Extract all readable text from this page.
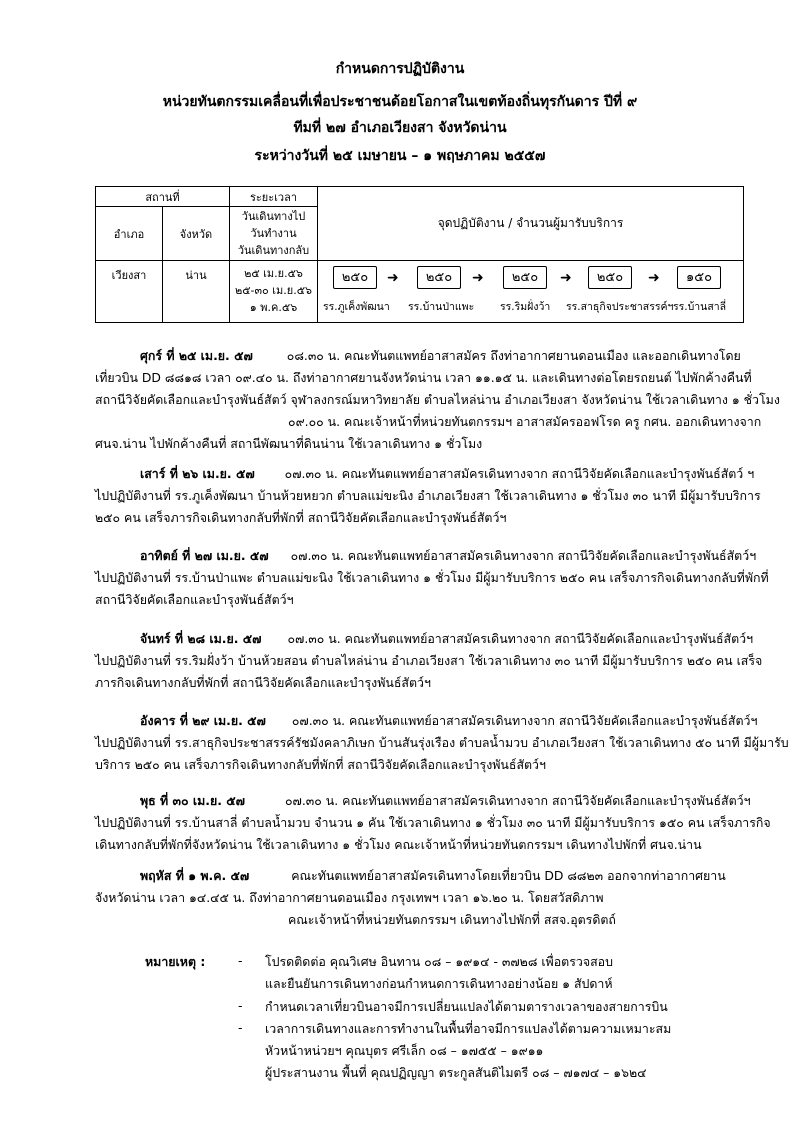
กำหนดการปฏิบัติงาน
หน่วยทันตกรรมเคลื่อนที่เพื่อประชาชนด้อยโอกาสในเขตท้องถิ่นทุรกันดาร ปีที่ ๙
ทีมที่ ๒๗ อำเภอเวียงสา จังหวัดน่าน
ระหว่างวันที่ ๒๕ เมษายน – ๑ พฤษภาคม ๒๕๕๗
สถานที่		ระยะเวลา	จุดปฏิบัติงาน / จำนวนผู้มารับบริการ
อำเภอ	จังหวัด	วันเดินทางไป
วันทำงาน
วันเดินทางกลับ	

เวียงสา	น่าน	๒๕ เม.ย.๕๖
๒๕-๓๐ เม.ย.๕๖
๑ พ.ค.๕๖	

๒๕๐	➜	๒๕๐	➜	๒๕๐	➜	๒๕๐	➜	๑๕๐
รร.ภูเค็งพัฒนา รร.บ้านป่าแพะ รร.ริมฝั่งว้า รร.สาธุกิจประชาสรรค์ฯ รร.บ้านสาลี่
ศุกร์ ที่ ๒๕ เม.ย. ๕๗	๐๘.๓๐ น. คณะทันตแพทย์อาสาสมัคร ถึงท่าอากาศยานดอนเมือง และออกเดินทางโดย
เที่ยวบิน DD ๘๘๑๘ เวลา ๐๙.๔๐ น. ถึงท่าอากาศยานจังหวัดน่าน เวลา ๑๑.๑๕ น. และเดินทางต่อโดยรถยนต์ ไปพักค้างคืนที่
สถานีวิจัยคัดเลือกและบำรุงพันธ์สัตว์ จุฬาลงกรณ์มหาวิทยาลัย ตำบลไหล่น่าน อำเภอเวียงสา จังหวัดน่าน ใช้เวลาเดินทาง ๑ ชั่วโมง
๐๙.๐๐ น. คณะเจ้าหน้าที่หน่วยทันตกรรมฯ อาสาสมัครออฟโรด ครู กศน. ออกเดินทางจาก
ศนจ.น่าน ไปพักค้างคืนที่ สถานีพัฒนาที่ดินน่าน ใช้เวลาเดินทาง ๑ ชั่วโมง
เสาร์ ที่ ๒๖ เม.ย. ๕๗ ๐๗.๓๐ น. คณะทันตแพทย์อาสาสมัครเดินทางจาก สถานีวิจัยคัดเลือกและบำรุงพันธ์สัตว์ ฯ
ไปปฏิบัติงานที่ รร.ภูเค็งพัฒนา บ้านห้วยหยวก ตำบลแม่ขะนิง อำเภอเวียงสา ใช้เวลาเดินทาง ๑ ชั่วโมง ๓๐ นาที มีผู้มารับบริการ
๒๕๐ คน เสร็จภารกิจเดินทางกลับที่พักที่ สถานีวิจัยคัดเลือกและบำรุงพันธ์สัตว์ฯ
อาทิตย์ ที่ ๒๗ เม.ย. ๕๗ ๐๗.๓๐ น. คณะทันตแพทย์อาสาสมัครเดินทางจาก สถานีวิจัยคัดเลือกและบำรุงพันธ์สัตว์ฯ
ไปปฏิบัติงานที่ รร.บ้านป่าแพะ ตำบลแม่ขะนิง ใช้เวลาเดินทาง ๑ ชั่วโมง มีผู้มารับบริการ ๒๕๐ คน เสร็จภารกิจเดินทางกลับที่พักที่
สถานีวิจัยคัดเลือกและบำรุงพันธ์สัตว์ฯ
จันทร์ ที่ ๒๘ เม.ย. ๕๗ ๐๗.๓๐ น. คณะทันตแพทย์อาสาสมัครเดินทางจาก สถานีวิจัยคัดเลือกและบำรุงพันธ์สัตว์ฯ
ไปปฏิบัติงานที่ รร.ริมฝั่งว้า บ้านห้วยสอน ตำบลไหล่น่าน อำเภอเวียงสา ใช้เวลาเดินทาง ๓๐ นาที มีผู้มารับบริการ ๒๕๐ คน เสร็จ
ภารกิจเดินทางกลับที่พักที่ สถานีวิจัยคัดเลือกและบำรุงพันธ์สัตว์ฯ
อังคาร ที่ ๒๙ เม.ย. ๕๗ ๐๗.๓๐ น. คณะทันตแพทย์อาสาสมัครเดินทางจาก สถานีวิจัยคัดเลือกและบำรุงพันธ์สัตว์ฯ
ไปปฏิบัติงานที่ รร.สาธุกิจประชาสรรค์รัชมังคลาภิเษก บ้านสันรุ่งเรือง ตำบลน้ำมวบ อำเภอเวียงสา ใช้เวลาเดินทาง ๕๐ นาที มีผู้มารับ
บริการ ๒๕๐ คน เสร็จภารกิจเดินทางกลับที่พักที่ สถานีวิจัยคัดเลือกและบำรุงพันธ์สัตว์ฯ
พุธ ที่ ๓๐ เม.ย. ๕๗	๐๗.๓๐ น. คณะทันตแพทย์อาสาสมัครเดินทางจาก สถานีวิจัยคัดเลือกและบำรุงพันธ์สัตว์ฯ
ไปปฏิบัติงานที่ รร.บ้านสาลี่ ตำบลน้ำมวบ จำนวน ๑ คัน ใช้เวลาเดินทาง ๑ ชั่วโมง ๓๐ นาที มีผู้มารับบริการ ๑๕๐ คน เสร็จภารกิจ
เดินทางกลับที่พักที่จังหวัดน่าน ใช้เวลาเดินทาง ๑ ชั่วโมง คณะเจ้าหน้าที่หน่วยทันตกรรมฯ เดินทางไปพักที่ ศนจ.น่าน
พฤหัส ที่ ๑ พ.ค. ๕๗	คณะทันตแพทย์อาสาสมัครเดินทางโดยเที่ยวบิน DD ๘๘๒๓ ออกจากท่าอากาศยาน
จังหวัดน่าน เวลา ๑๔.๔๕ น. ถึงท่าอากาศยานดอนเมือง กรุงเทพฯ เวลา ๑๖.๒๐ น. โดยสวัสดิภาพ
คณะเจ้าหน้าที่หน่วยทันตกรรมฯ เดินทางไปพักที่ สสจ.อุตรดิตถ์
หมายเหตุ :	- โปรดติดต่อ คุณวิเศษ อินทาน ๐๘ – ๑๙๑๔ - ๓๗๒๘ เพื่อตรวจสอบ
และยืนยันการเดินทางก่อนกำหนดการเดินทางอย่างน้อย ๑ สัปดาห์
- กำหนดเวลาเที่ยวบินอาจมีการเปลี่ยนแปลงได้ตามตารางเวลาของสายการบิน
- เวลาการเดินทางและการทำงานในพื้นที่อาจมีการแปลงได้ตามความเหมาะสม
หัวหน้าหน่วยฯ คุณบุตร ศรีเล็ก ๐๘ – ๑๗๕๕ – ๑๙๑๑
ผู้ประสานงาน พื้นที่ คุณปฏิญญา ตระกูลสันติไมตรี ๐๘ – ๗๑๗๔ – ๑๖๒๔
